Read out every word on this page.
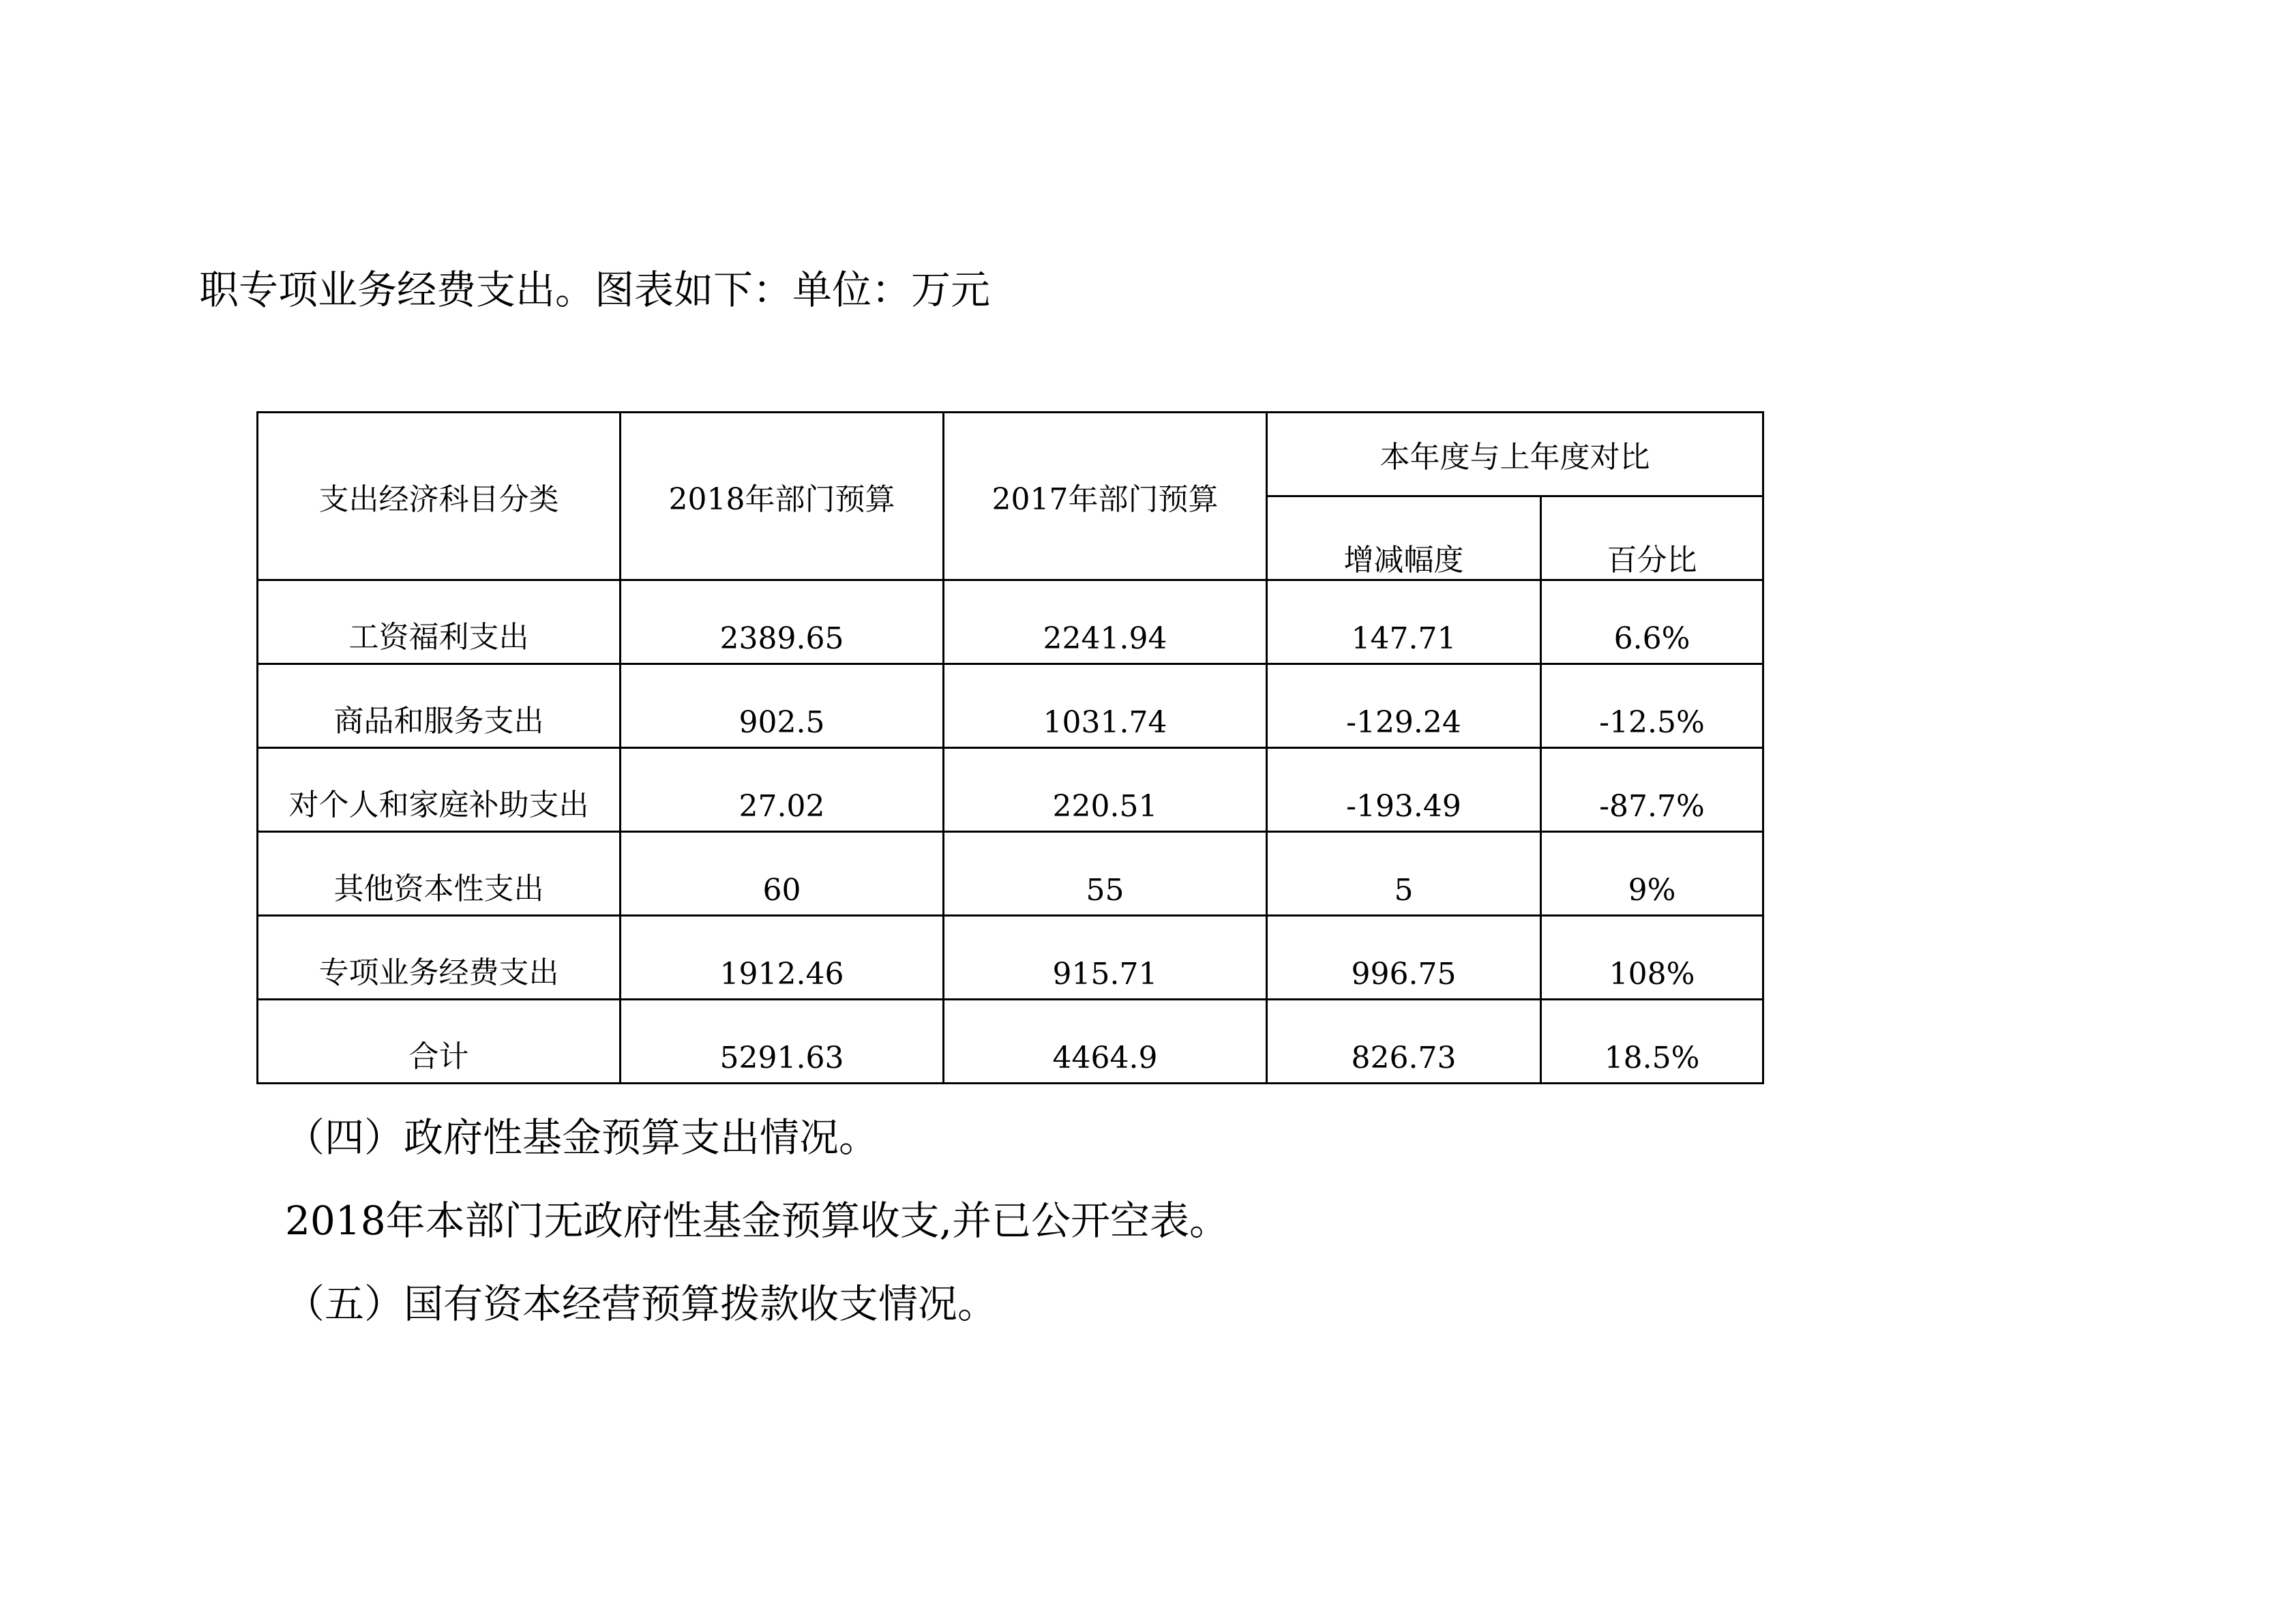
职专项业务经费支出。图表如下：单位：万元

支出经济科目分类	2018年部门预算	2017年部门预算	本年度与上年度对比	
			增减幅度	百分比
工资福利支出	2389.65	2241.94	147.71	6.6%
商品和服务支出	902.5	1031.74	-129.24	-12.5%
对个人和家庭补助支出	27.02	220.51	-193.49	-87.7%
其他资本性支出	60	55	5	9%
专项业务经费支出	1912.46	915.71	996.75	108%
合计	5291.63	4464.9	826.73	18.5%

（四）政府性基金预算支出情况。

2018年本部门无政府性基金预算收支,并已公开空表。

（五）国有资本经营预算拨款收支情况。
